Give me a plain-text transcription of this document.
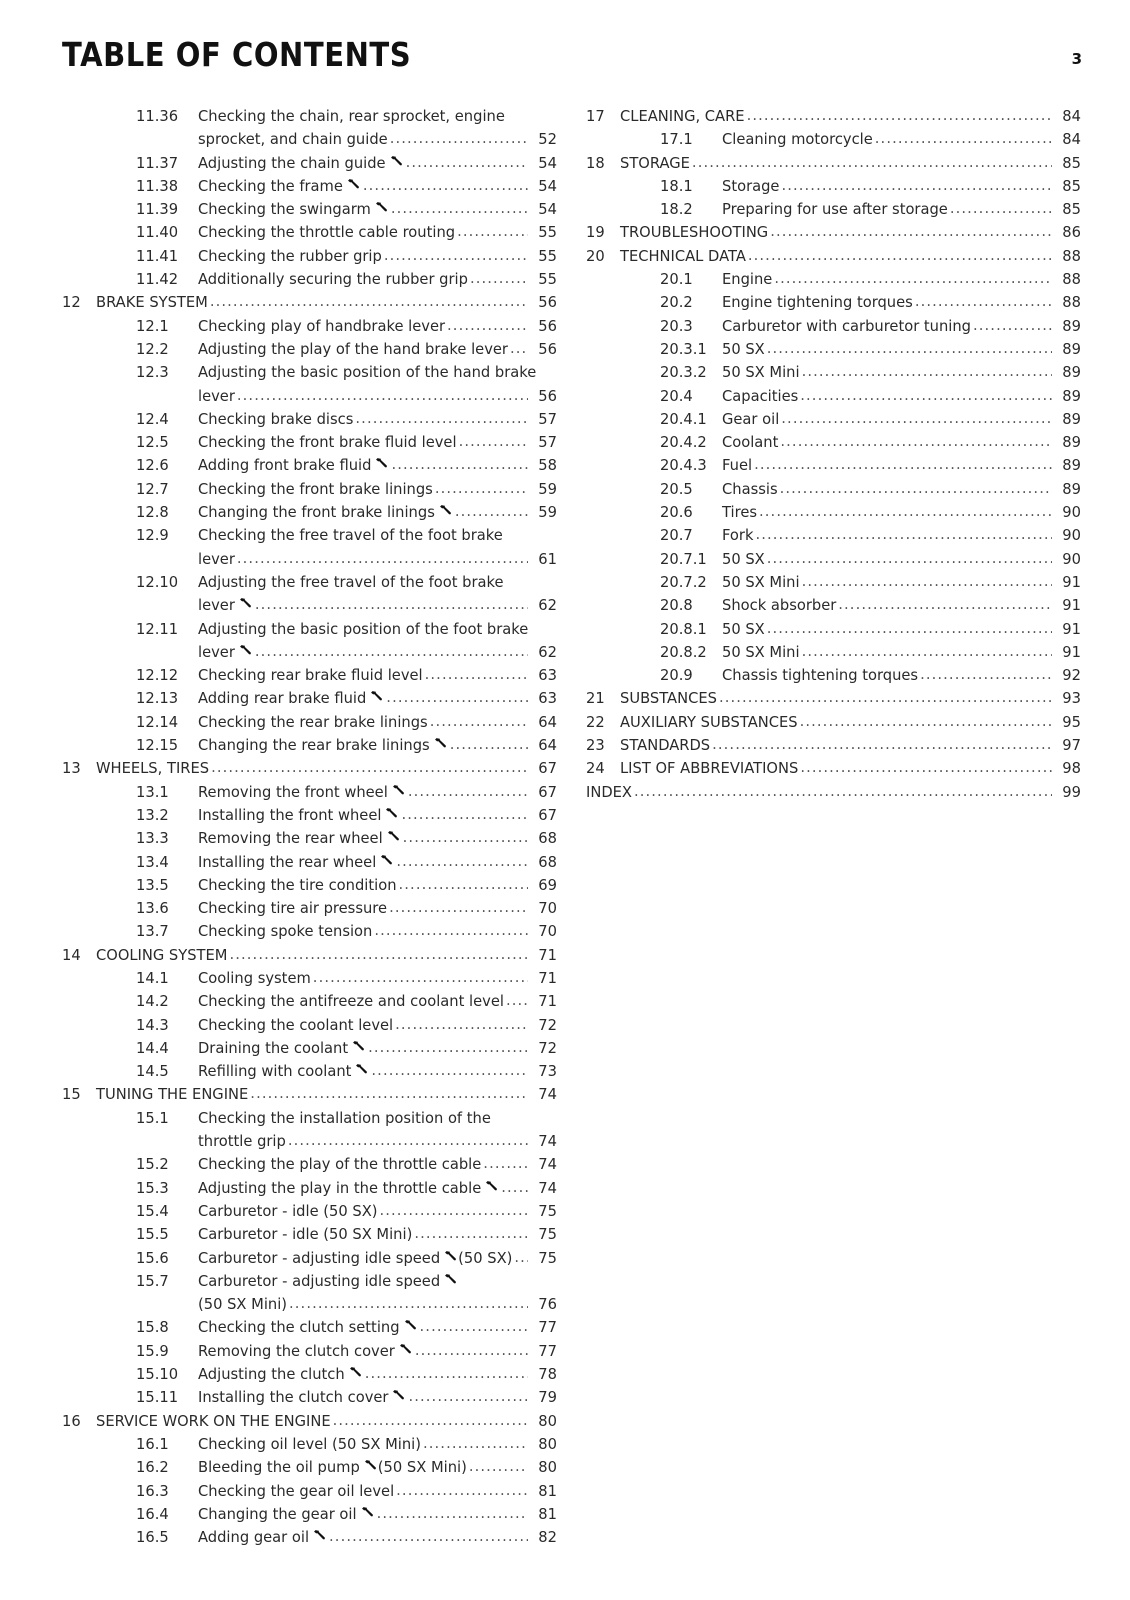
TABLE OF CONTENTS	3
11.36	Checking the chain, rear sprocket, engine
sprocket, and chain guide .....	52
11.37	Adjusting the chain guide .....	54
11.38	Checking the frame .....	54
11.39	Checking the swingarm .....	54
11.40	Checking the throttle cable routing .....	55
11.41	Checking the rubber grip .....	55
11.42	Additionally securing the rubber grip .....	55
12	BRAKE SYSTEM .....	56
12.1	Checking play of handbrake lever .....	56
12.2	Adjusting the play of the hand brake lever .....	56
12.3	Adjusting the basic position of the hand brake
lever .....	56
12.4	Checking brake discs .....	57
12.5	Checking the front brake fluid level .....	57
12.6	Adding front brake fluid .....	58
12.7	Checking the front brake linings .....	59
12.8	Changing the front brake linings .....	59
12.9	Checking the free travel of the foot brake
lever .....	61
12.10	Adjusting the free travel of the foot brake
lever .....	62
12.11	Adjusting the basic position of the foot brake
lever .....	62
12.12	Checking rear brake fluid level .....	63
12.13	Adding rear brake fluid .....	63
12.14	Checking the rear brake linings .....	64
12.15	Changing the rear brake linings .....	64
13	WHEELS, TIRES .....	67
13.1	Removing the front wheel .....	67
13.2	Installing the front wheel .....	67
13.3	Removing the rear wheel .....	68
13.4	Installing the rear wheel .....	68
13.5	Checking the tire condition .....	69
13.6	Checking tire air pressure .....	70
13.7	Checking spoke tension .....	70
14	COOLING SYSTEM .....	71
14.1	Cooling system .....	71
14.2	Checking the antifreeze and coolant level .....	71
14.3	Checking the coolant level .....	72
14.4	Draining the coolant .....	72
14.5	Refilling with coolant .....	73
15	TUNING THE ENGINE .....	74
15.1	Checking the installation position of the
throttle grip .....	74
15.2	Checking the play of the throttle cable .....	74
15.3	Adjusting the play in the throttle cable .....	74
15.4	Carburetor - idle (50 SX) .....	75
15.5	Carburetor - idle (50 SX Mini) .....	75
15.6	Carburetor - adjusting idle speed (50 SX) .....	75
15.7	Carburetor - adjusting idle speed
(50 SX Mini) .....	76
15.8	Checking the clutch setting .....	77
15.9	Removing the clutch cover .....	77
15.10	Adjusting the clutch .....	78
15.11	Installing the clutch cover .....	79
16	SERVICE WORK ON THE ENGINE .....	80
16.1	Checking oil level (50 SX Mini) .....	80
16.2	Bleeding the oil pump (50 SX Mini) .....	80
16.3	Checking the gear oil level .....	81
16.4	Changing the gear oil .....	81
16.5	Adding gear oil .....	82
17	CLEANING, CARE .....	84
17.1	Cleaning motorcycle .....	84
18	STORAGE .....	85
18.1	Storage .....	85
18.2	Preparing for use after storage .....	85
19	TROUBLESHOOTING .....	86
20	TECHNICAL DATA .....	88
20.1	Engine .....	88
20.2	Engine tightening torques .....	88
20.3	Carburetor with carburetor tuning .....	89
20.3.1	50 SX .....	89
20.3.2	50 SX Mini .....	89
20.4	Capacities .....	89
20.4.1	Gear oil .....	89
20.4.2	Coolant .....	89
20.4.3	Fuel .....	89
20.5	Chassis .....	89
20.6	Tires .....	90
20.7	Fork .....	90
20.7.1	50 SX .....	90
20.7.2	50 SX Mini .....	91
20.8	Shock absorber .....	91
20.8.1	50 SX .....	91
20.8.2	50 SX Mini .....	91
20.9	Chassis tightening torques .....	92
21	SUBSTANCES .....	93
22	AUXILIARY SUBSTANCES .....	95
23	STANDARDS .....	97
24	LIST OF ABBREVIATIONS .....	98
INDEX .....	99
